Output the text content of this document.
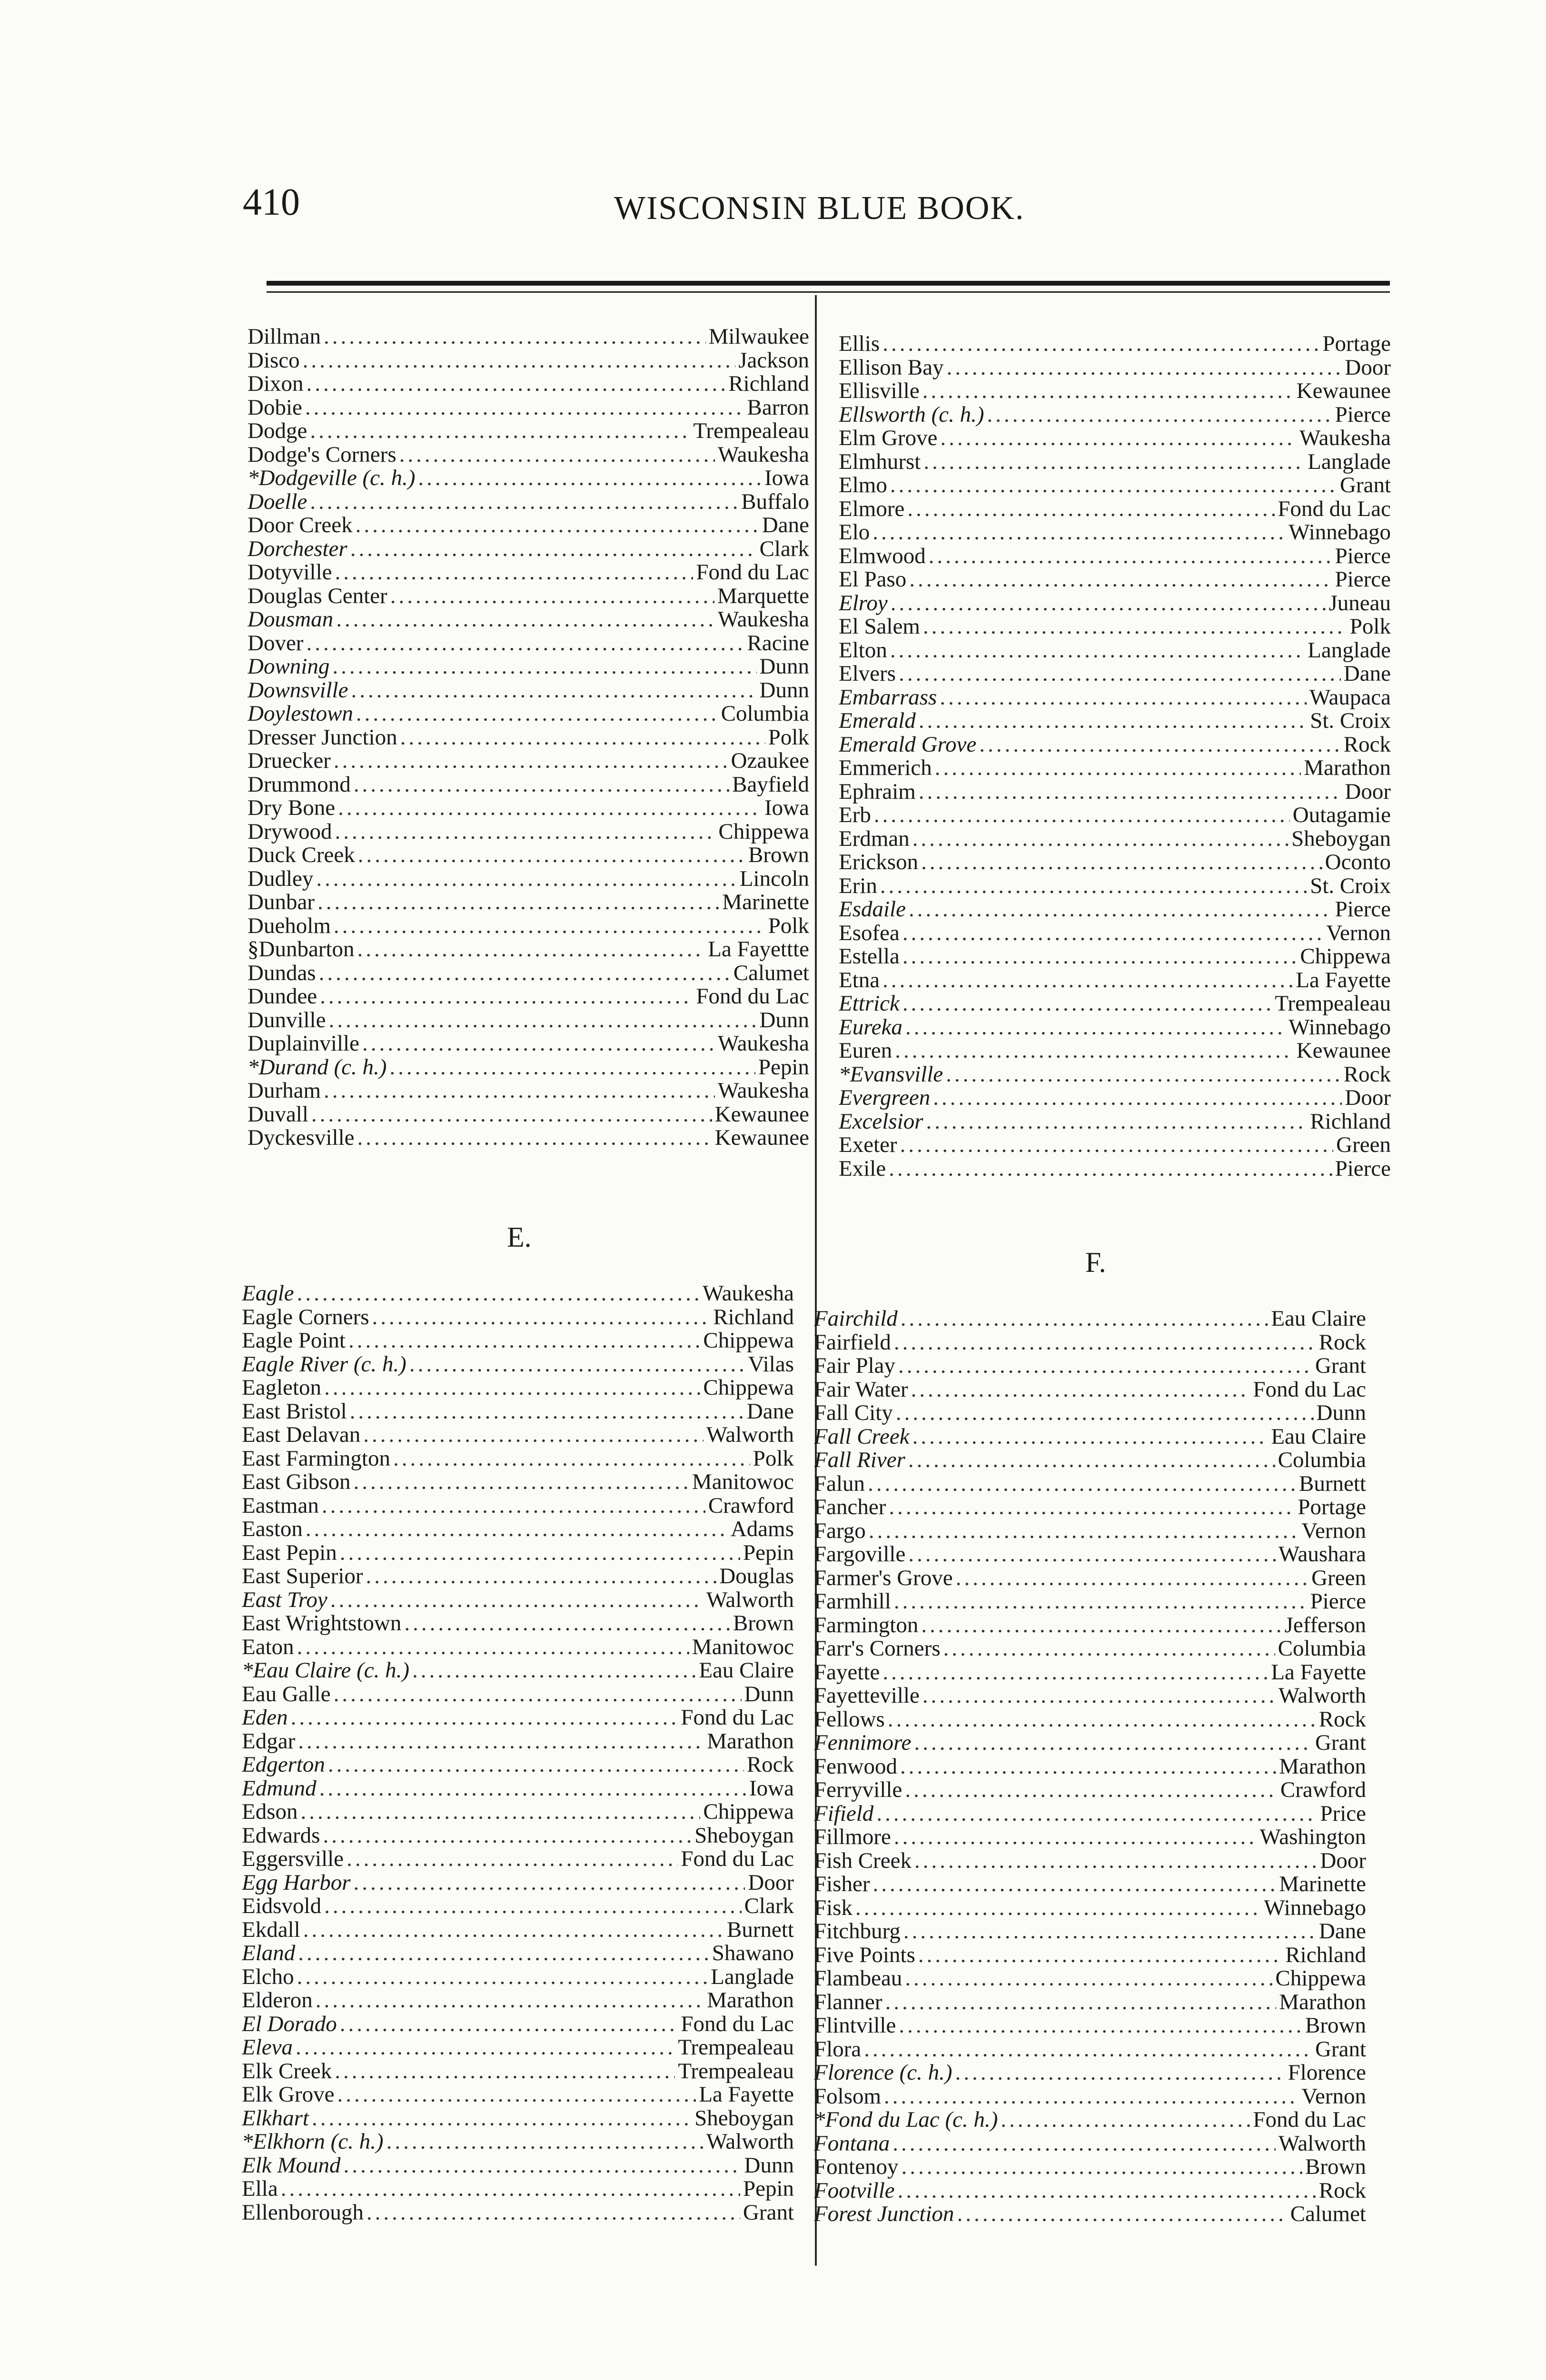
410	WISCONSIN BLUE BOOK.
Dillman .....	Milwaukee
Disco .....	Jackson
Dixon .....	Richland
Dobie .....	Barron
Dodge .....	Trempealeau
Dodge's Corners .....	Waukesha
*Dodgeville (c. h.) .....	Iowa
Doelle .....	Buffalo
Door Creek .....	Dane
Dorchester .....	Clark
Dotyville .....	Fond du Lac
Douglas Center .....	Marquette
Dousman .....	Waukesha
Dover .....	Racine
Downing .....	Dunn
Downsville .....	Dunn
Doylestown .....	Columbia
Dresser Junction .....	Polk
Druecker .....	Ozaukee
Drummond .....	Bayfield
Dry Bone .....	Iowa
Drywood .....	Chippewa
Duck Creek .....	Brown
Dudley .....	Lincoln
Dunbar .....	Marinette
Dueholm .....	Polk
§Dunbarton .....	La Fayettte
Dundas .....	Calumet
Dundee .....	Fond du Lac
Dunville .....	Dunn
Duplainville .....	Waukesha
*Durand (c. h.) .....	Pepin
Durham .....	Waukesha
Duvall .....	Kewaunee
Dyckesville .....	Kewaunee
Ellis .....	Portage
Ellison Bay .....	Door
Ellisville .....	Kewaunee
Ellsworth (c. h.) .....	Pierce
Elm Grove .....	Waukesha
Elmhurst .....	Langlade
Elmo .....	Grant
Elmore .....	Fond du Lac
Elo .....	Winnebago
Elmwood .....	Pierce
El Paso .....	Pierce
Elroy .....	Juneau
El Salem .....	Polk
Elton .....	Langlade
Elvers .....	Dane
Embarrass .....	Waupaca
Emerald .....	St. Croix
Emerald Grove .....	Rock
Emmerich .....	Marathon
Ephraim .....	Door
Erb .....	Outagamie
Erdman .....	Sheboygan
Erickson .....	Oconto
Erin .....	St. Croix
Esdaile .....	Pierce
Esofea .....	Vernon
Estella .....	Chippewa
Etna .....	La Fayette
Ettrick .....	Trempealeau
Eureka .....	Winnebago
Euren .....	Kewaunee
*Evansville .....	Rock
Evergreen .....	Door
Excelsior .....	Richland
Exeter .....	Green
Exile .....	Pierce
E.
Eagle .....	Waukesha
Eagle Corners .....	Richland
Eagle Point .....	Chippewa
Eagle River (c. h.) .....	Vilas
Eagleton .....	Chippewa
East Bristol .....	Dane
East Delavan .....	Walworth
East Farmington .....	Polk
East Gibson .....	Manitowoc
Eastman .....	Crawford
Easton .....	Adams
East Pepin .....	Pepin
East Superior .....	Douglas
East Troy .....	Walworth
East Wrightstown .....	Brown
Eaton .....	Manitowoc
*Eau Claire (c. h.) .....	Eau Claire
Eau Galle .....	Dunn
Eden .....	Fond du Lac
Edgar .....	Marathon
Edgerton .....	Rock
Edmund .....	Iowa
Edson .....	Chippewa
Edwards .....	Sheboygan
Eggersville .....	Fond du Lac
Egg Harbor .....	Door
Eidsvold .....	Clark
Ekdall .....	Burnett
Eland .....	Shawano
Elcho .....	Langlade
Elderon .....	Marathon
El Dorado .....	Fond du Lac
Eleva .....	Trempealeau
Elk Creek .....	Trempealeau
Elk Grove .....	La Fayette
Elkhart .....	Sheboygan
*Elkhorn (c. h.) .....	Walworth
Elk Mound .....	Dunn
Ella .....	Pepin
Ellenborough .....	Grant
F.
Fairchild .....	Eau Claire
Fairfield .....	Rock
Fair Play .....	Grant
Fair Water .....	Fond du Lac
Fall City .....	Dunn
Fall Creek .....	Eau Claire
Fall River .....	Columbia
Falun .....	Burnett
Fancher .....	Portage
Fargo .....	Vernon
Fargoville .....	Waushara
Farmer's Grove .....	Green
Farmhill .....	Pierce
Farmington .....	Jefferson
Farr's Corners .....	Columbia
Fayette .....	La Fayette
Fayetteville .....	Walworth
Fellows .....	Rock
Fennimore .....	Grant
Fenwood .....	Marathon
Ferryville .....	Crawford
Fifield .....	Price
Fillmore .....	Washington
Fish Creek .....	Door
Fisher .....	Marinette
Fisk .....	Winnebago
Fitchburg .....	Dane
Five Points .....	Richland
Flambeau .....	Chippewa
Flanner .....	Marathon
Flintville .....	Brown
Flora .....	Grant
Florence (c. h.) .....	Florence
Folsom .....	Vernon
*Fond du Lac (c. h.) .....	Fond du Lac
Fontana .....	Walworth
Fontenoy .....	Brown
Footville .....	Rock
Forest Junction .....	Calumet
